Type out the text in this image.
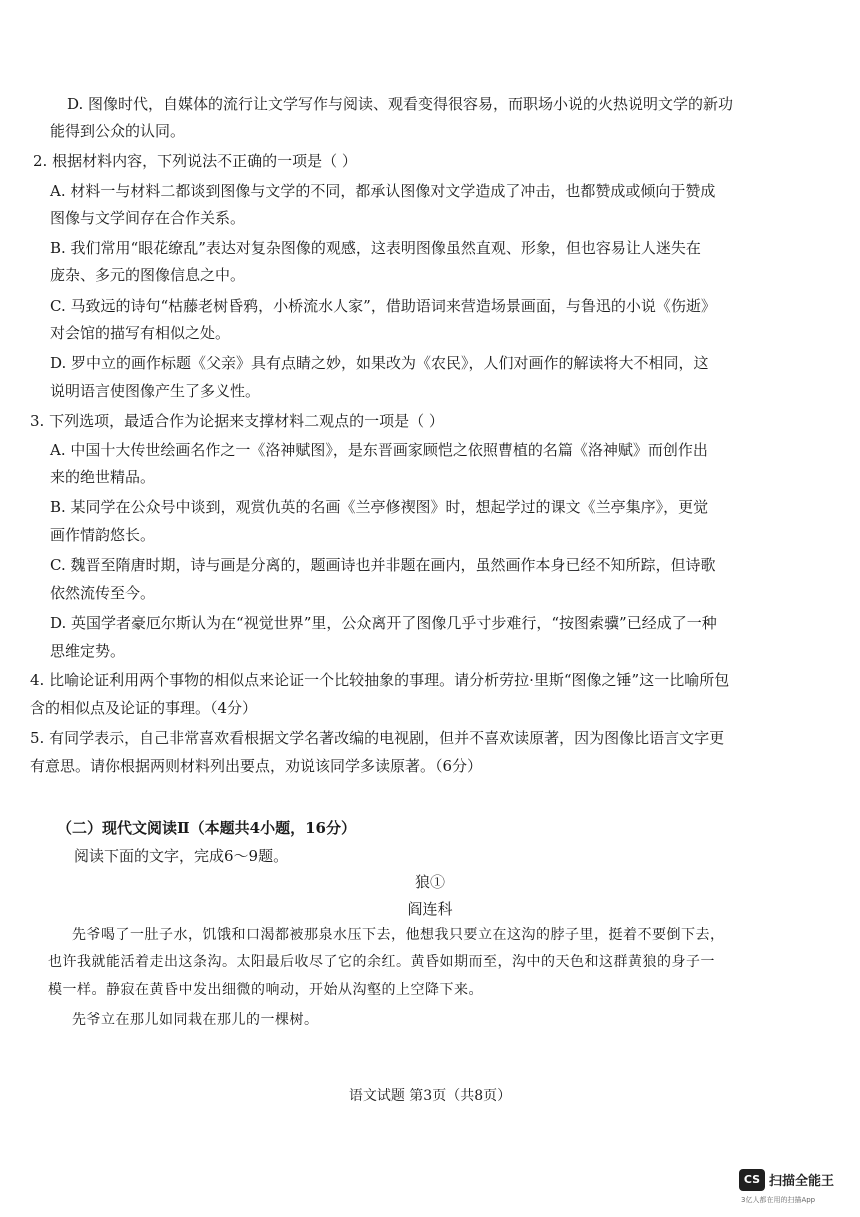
D. 图像时代，自媒体的流行让文学写作与阅读、观看变得很容易，而职场小说的火热说明文学的新功
能得到公众的认同。
2. 根据材料内容，下列说法不正确的一项是（ ）
A. 材料一与材料二都谈到图像与文学的不同，都承认图像对文学造成了冲击，也都赞成或倾向于赞成
图像与文学间存在合作关系。
B. 我们常用“眼花缭乱”表达对复杂图像的观感，这表明图像虽然直观、形象，但也容易让人迷失在
庞杂、多元的图像信息之中。
C. 马致远的诗句“枯藤老树昏鸦，小桥流水人家”，借助语词来营造场景画面，与鲁迅的小说《伤逝》
对会馆的描写有相似之处。
D. 罗中立的画作标题《父亲》具有点睛之妙，如果改为《农民》，人们对画作的解读将大不相同，这
说明语言使图像产生了多义性。
3. 下列选项，最适合作为论据来支撑材料二观点的一项是（ ）
A. 中国十大传世绘画名作之一《洛神赋图》，是东晋画家顾恺之依照曹植的名篇《洛神赋》而创作出
来的绝世精品。
B. 某同学在公众号中谈到，观赏仇英的名画《兰亭修禊图》时，想起学过的课文《兰亭集序》，更觉
画作情韵悠长。
C. 魏晋至隋唐时期，诗与画是分离的，题画诗也并非题在画内，虽然画作本身已经不知所踪，但诗歌
依然流传至今。
D. 英国学者豪厄尔斯认为在“视觉世界”里，公众离开了图像几乎寸步难行，“按图索骥”已经成了一种
思维定势。
4. 比喻论证利用两个事物的相似点来论证一个比较抽象的事理。请分析劳拉·里斯“图像之锤”这一比喻所包
含的相似点及论证的事理。（4分）
5. 有同学表示，自己非常喜欢看根据文学名著改编的电视剧，但并不喜欢读原著，因为图像比语言文字更
有意思。请你根据两则材料列出要点，劝说该同学多读原著。（6分）
（二）现代文阅读Ⅱ（本题共4小题，16分）
阅读下面的文字，完成6～9题。
狼①
阎连科
先爷喝了一肚子水，饥饿和口渴都被那泉水压下去，他想我只要立在这沟的脖子里，挺着不要倒下去，
也许我就能活着走出这条沟。太阳最后收尽了它的余红。黄昏如期而至，沟中的天色和这群黄狼的身子一
模一样。静寂在黄昏中发出细微的响动，开始从沟壑的上空降下来。
先爷立在那儿如同栽在那儿的一棵树。
语文试题 第3页（共8页）
CS 扫描全能王
3亿人都在用的扫描App
